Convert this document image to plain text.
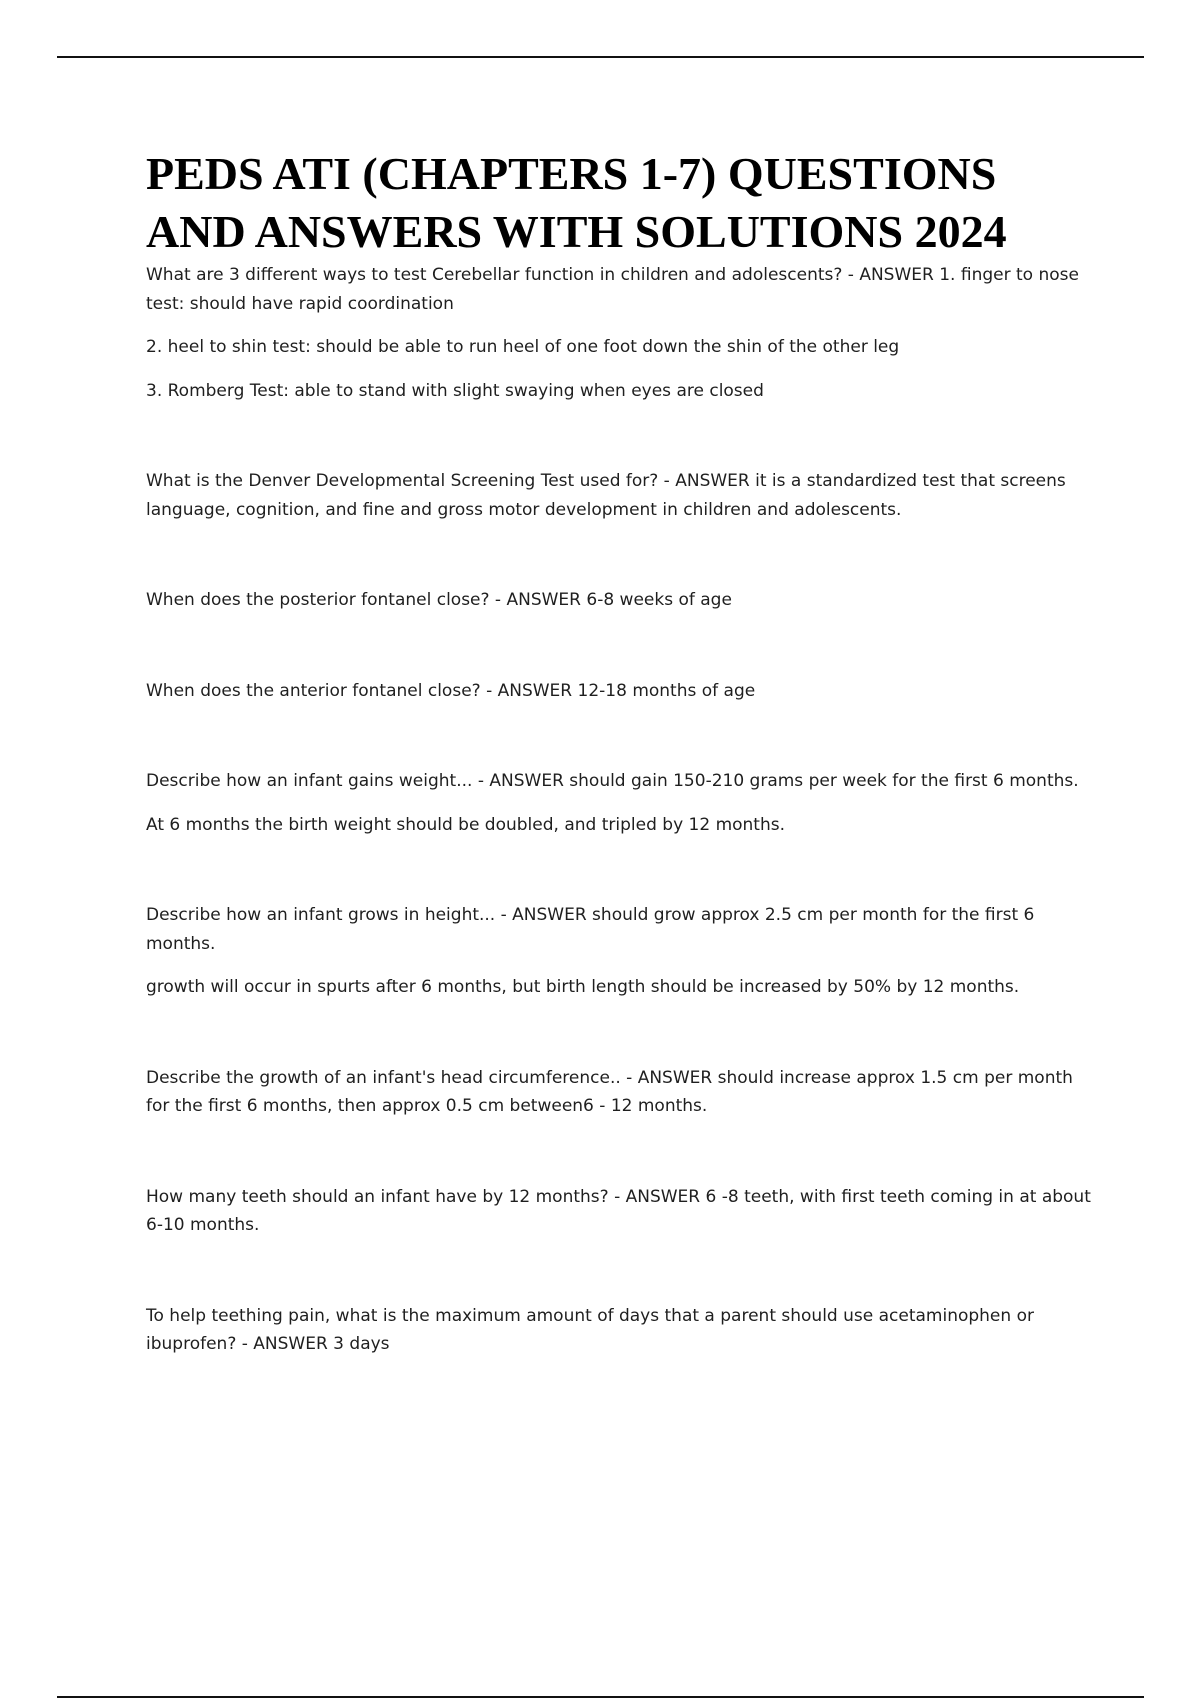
PEDS ATI (CHAPTERS 1-7) QUESTIONS AND ANSWERS WITH SOLUTIONS 2024

What are 3 different ways to test Cerebellar function in children and adolescents? - ANSWER 1. finger to nose test: should have rapid coordination

2. heel to shin test: should be able to run heel of one foot down the shin of the other leg

3. Romberg Test: able to stand with slight swaying when eyes are closed

What is the Denver Developmental Screening Test used for? - ANSWER it is a standardized test that screens language, cognition, and fine and gross motor development in children and adolescents.

When does the posterior fontanel close? - ANSWER 6-8 weeks of age

When does the anterior fontanel close? - ANSWER 12-18 months of age

Describe how an infant gains weight... - ANSWER should gain 150-210 grams per week for the first 6 months.

At 6 months the birth weight should be doubled, and tripled by 12 months.

Describe how an infant grows in height... - ANSWER should grow approx 2.5 cm per month for the first 6 months.

growth will occur in spurts after 6 months, but birth length should be increased by 50% by 12 months.

Describe the growth of an infant's head circumference.. - ANSWER should increase approx 1.5 cm per month for the first 6 months, then approx 0.5 cm between6 - 12 months.

How many teeth should an infant have by 12 months? - ANSWER 6 -8 teeth, with first teeth coming in at about 6-10 months.

To help teething pain, what is the maximum amount of days that a parent should use acetaminophen or ibuprofen? - ANSWER 3 days
